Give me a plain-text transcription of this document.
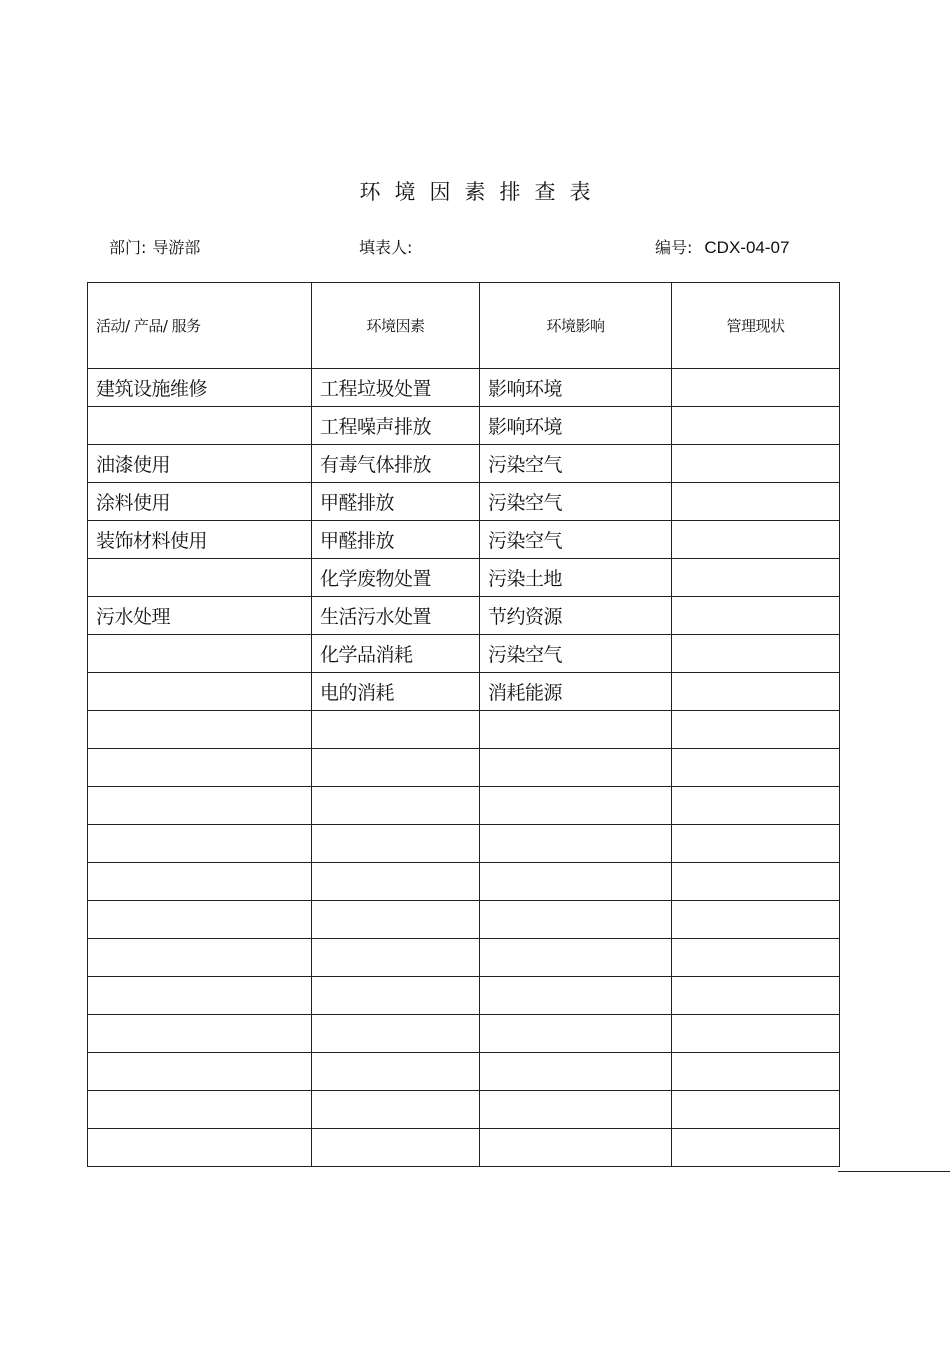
环境因素排查表
部门: 导游部	填表人:	编号: CDX-04-07
活动/ 产品/ 服务	环境因素	环境影响	管理现状
建筑设施维修	工程垃圾处置	影响环境	
	工程噪声排放	影响环境	
油漆使用	有毒气体排放	污染空气	
涂料使用	甲醛排放	污染空气	
装饰材料使用	甲醛排放	污染空气	
	化学废物处置	污染土地	
污水处理	生活污水处置	节约资源	
	化学品消耗	污染空气	
	电的消耗	消耗能源	
